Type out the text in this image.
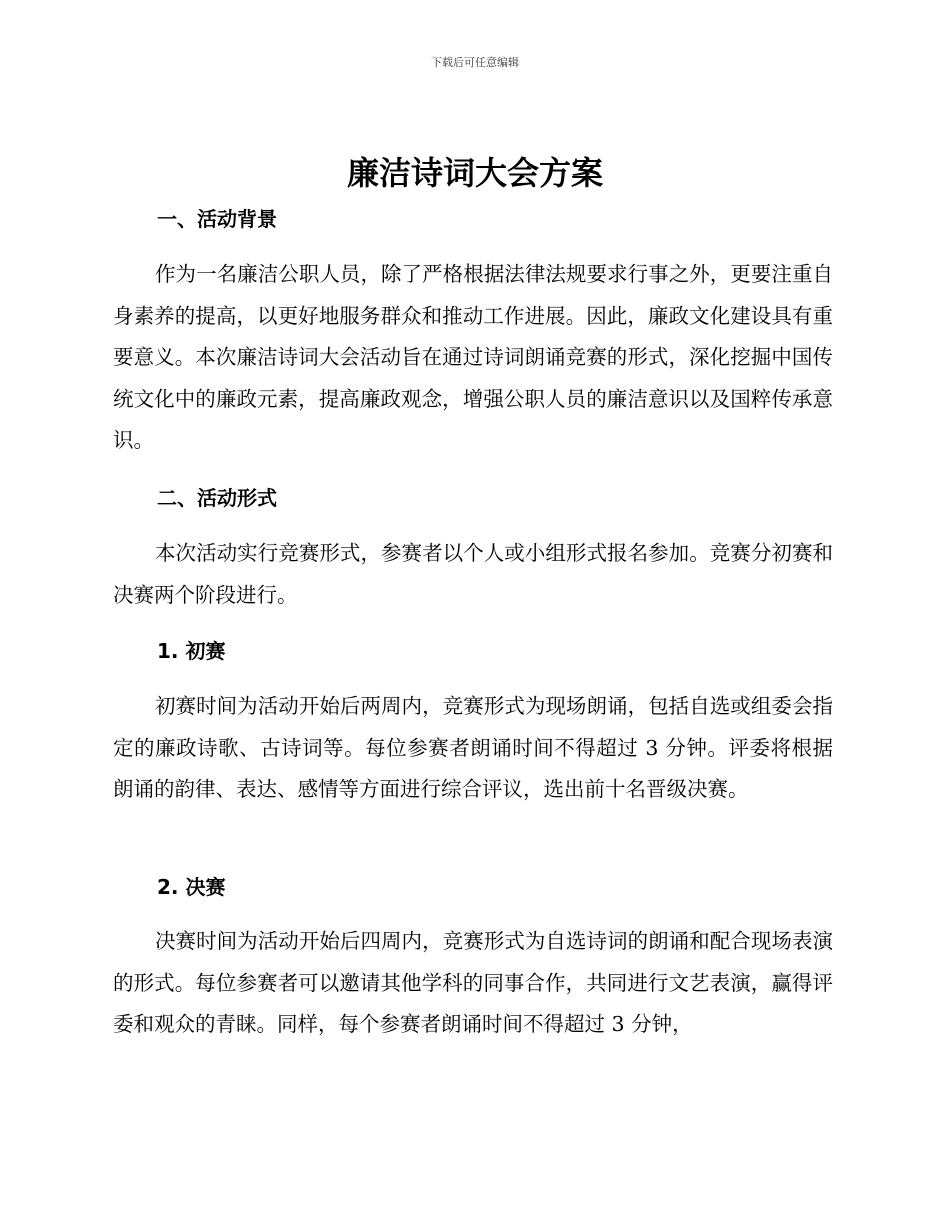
下载后可任意编辑
廉洁诗词大会方案
一、活动背景

作为一名廉洁公职人员，除了严格根据法律法规要求行事之外，更要注重自身素养的提高，以更好地服务群众和推动工作进展。因此，廉政文化建设具有重要意义。本次廉洁诗词大会活动旨在通过诗词朗诵竞赛的形式，深化挖掘中国传统文化中的廉政元素，提高廉政观念，增强公职人员的廉洁意识以及国粹传承意识。

二、活动形式

本次活动实行竞赛形式，参赛者以个人或小组形式报名参加。竞赛分初赛和决赛两个阶段进行。

1. 初赛

初赛时间为活动开始后两周内，竞赛形式为现场朗诵，包括自选或组委会指定的廉政诗歌、古诗词等。每位参赛者朗诵时间不得超过 3 分钟。评委将根据朗诵的韵律、表达、感情等方面进行综合评议，选出前十名晋级决赛。

2. 决赛

决赛时间为活动开始后四周内，竞赛形式为自选诗词的朗诵和配合现场表演的形式。每位参赛者可以邀请其他学科的同事合作，共同进行文艺表演，赢得评委和观众的青睐。同样，每个参赛者朗诵时间不得超过 3 分钟，
